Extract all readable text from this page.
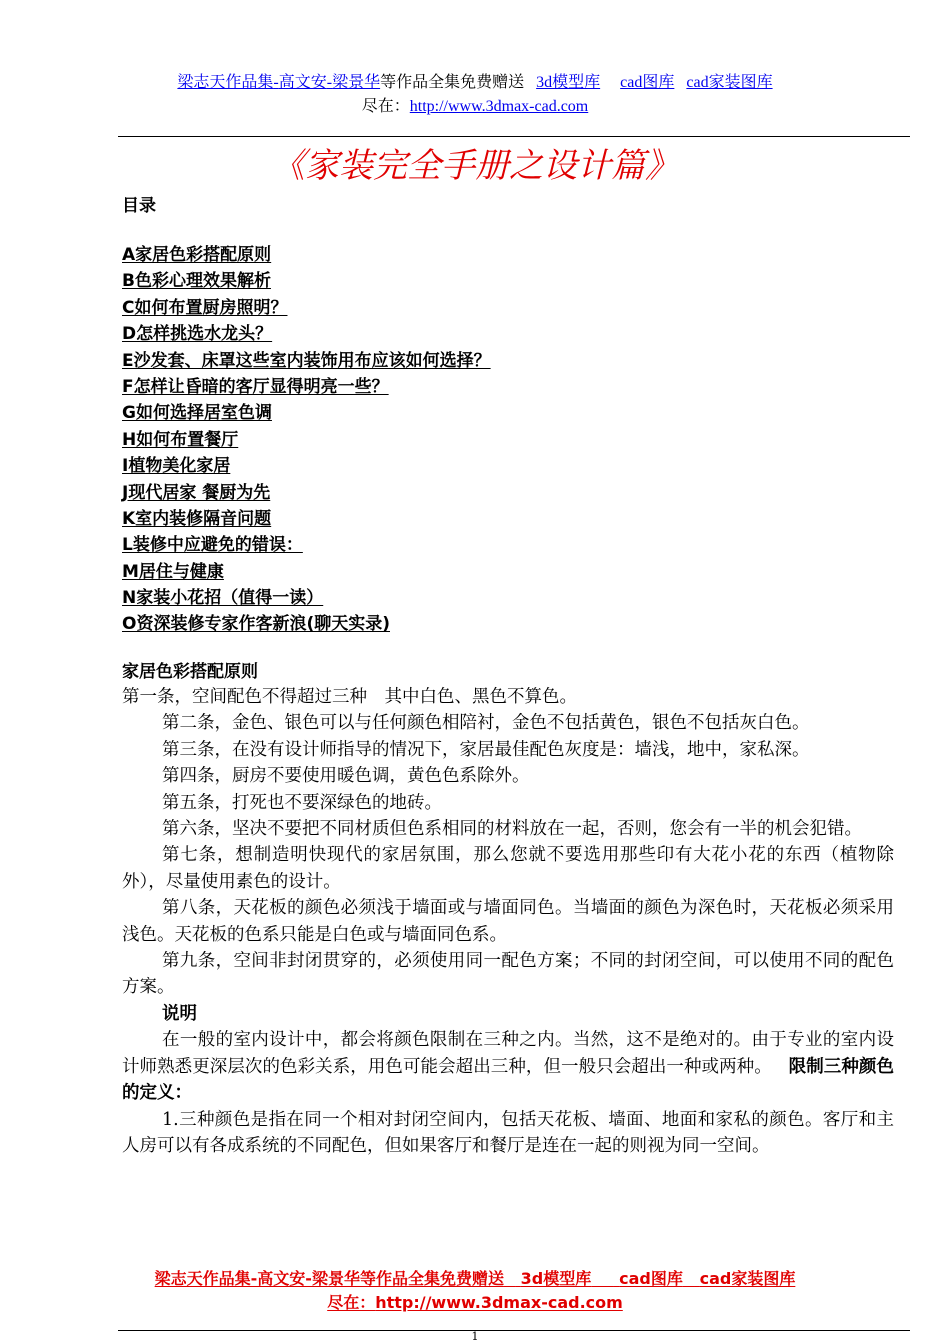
梁志天作品集-高文安-梁景华等作品全集免费赠送 3d模型库 cad图库 cad家装图库
尽在：http://www.3dmax-cad.com
《家装完全手册之设计篇》
目录
A家居色彩搭配原则
B色彩心理效果解析
C如何布置厨房照明？
D怎样挑选水龙头？
E沙发套、床罩这些室内装饰用布应该如何选择？
F怎样让昏暗的客厅显得明亮一些？
G如何选择居室色调
H如何布置餐厅
I植物美化家居
J现代居家 餐厨为先
K室内装修隔音问题
L装修中应避免的错误：
M居住与健康
N家装小花招（值得一读）
O资深装修专家作客新浪(聊天实录)
家居色彩搭配原则

第一条，空间配色不得超过三种　其中白色、黑色不算色。

第二条，金色、银色可以与任何颜色相陪衬，金色不包括黄色，银色不包括灰白色。

第三条，在没有设计师指导的情况下，家居最佳配色灰度是：墙浅，地中，家私深。

第四条，厨房不要使用暖色调，黄色色系除外。

第五条，打死也不要深绿色的地砖。

第六条，坚决不要把不同材质但色系相同的材料放在一起，否则，您会有一半的机会犯错。

第七条，想制造明快现代的家居氛围，那么您就不要选用那些印有大花小花的东西（植物除外），尽量使用素色的设计。

第八条，天花板的颜色必须浅于墙面或与墙面同色。当墙面的颜色为深色时，天花板必须采用浅色。天花板的色系只能是白色或与墙面同色系。

第九条，空间非封闭贯穿的，必须使用同一配色方案；不同的封闭空间，可以使用不同的配色方案。

说明

在一般的室内设计中，都会将颜色限制在三种之内。当然，这不是绝对的。由于专业的室内设计师熟悉更深层次的色彩关系，用色可能会超出三种，但一般只会超出一种或两种。 限制三种颜色的定义：

1.三种颜色是指在同一个相对封闭空间内，包括天花板、墙面、地面和家私的颜色。客厅和主人房可以有各成系统的不同配色，但如果客厅和餐厅是连在一起的则视为同一空间。

梁志天作品集-高文安-梁景华等作品全集免费赠送 3d模型库 cad图库 cad家装图库
尽在：http://www.3dmax-cad.com
1
